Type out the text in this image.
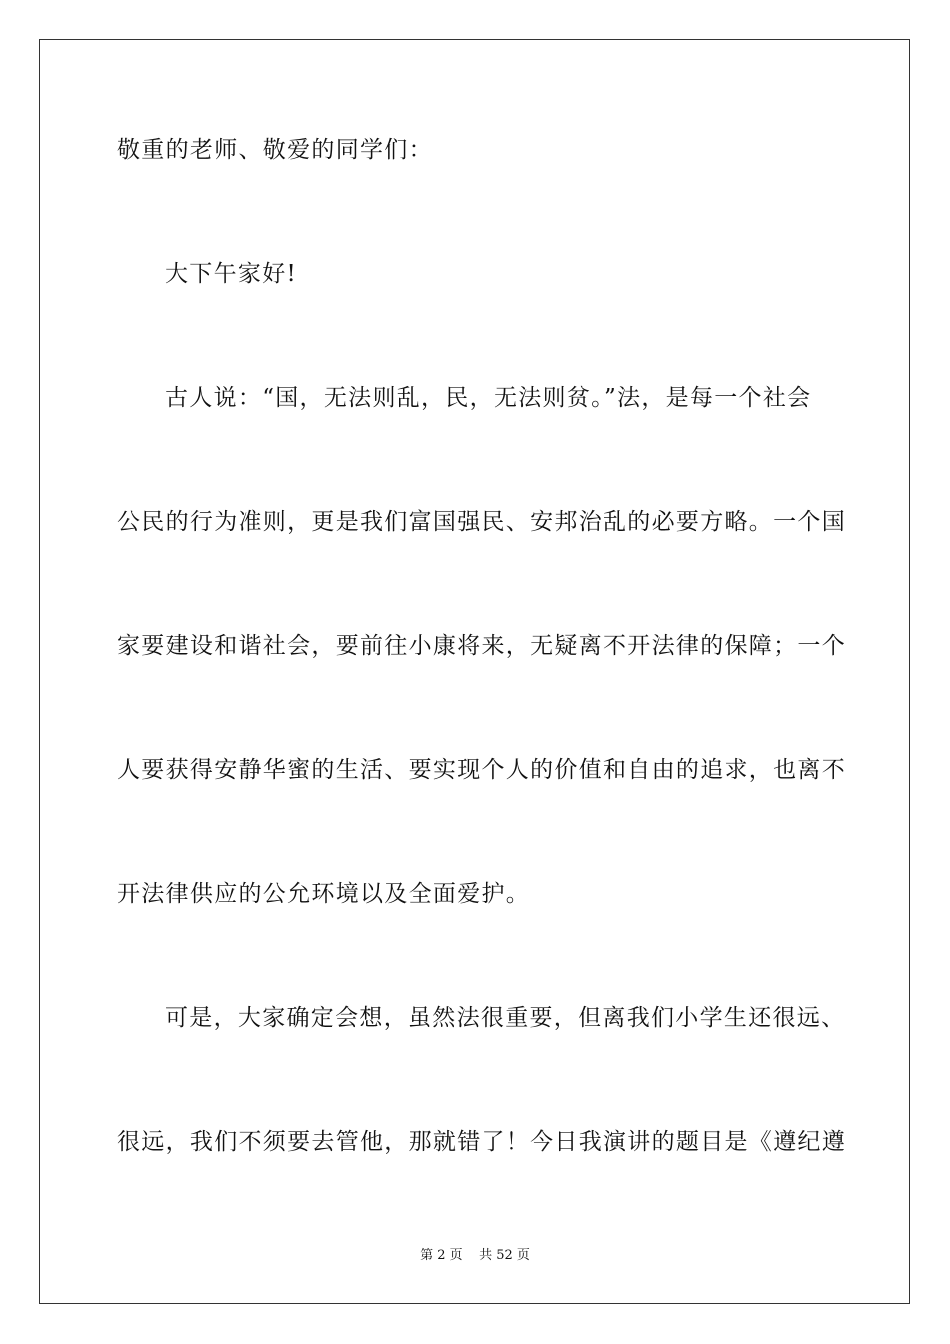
敬重的老师、敬爱的同学们：
大下午家好!
古人说：“国，无法则乱，民，无法则贫。”法，是每一个社会
公民的行为准则，更是我们富国强民、安邦治乱的必要方略。一个国
家要建设和谐社会，要前往小康将来，无疑离不开法律的保障；一个
人要获得安静华蜜的生活、要实现个人的价值和自由的追求，也离不
开法律供应的公允环境以及全面爱护。
可是，大家确定会想，虽然法很重要，但离我们小学生还很远、
很远，我们不须要去管他，那就错了！今日我演讲的题目是《遵纪遵
第 2 页    共 52 页
